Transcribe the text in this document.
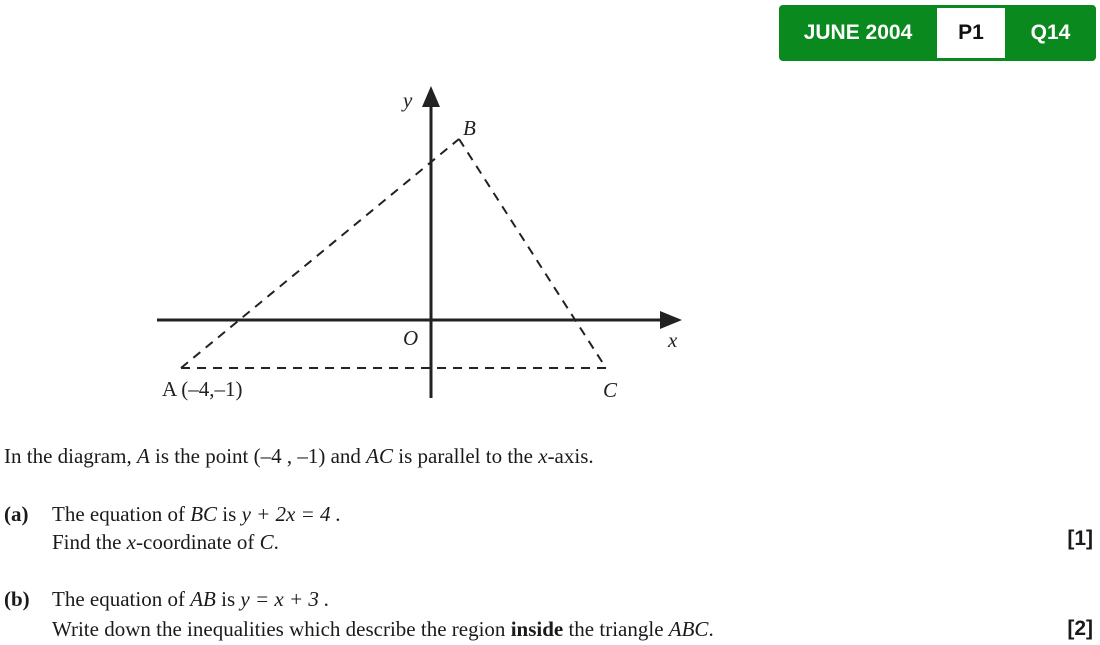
JUNE 2004	P1	Q14
y
x
O
B
C
A (–4,–1)
In the diagram, A is the point (–4 , –1) and AC is parallel to the x-axis.
(a) The equation of BC is y + 2x = 4 .
Find the x-coordinate of C.	[1]
(b) The equation of AB is y = x + 3 .
Write down the inequalities which describe the region inside the triangle ABC.	[2]
